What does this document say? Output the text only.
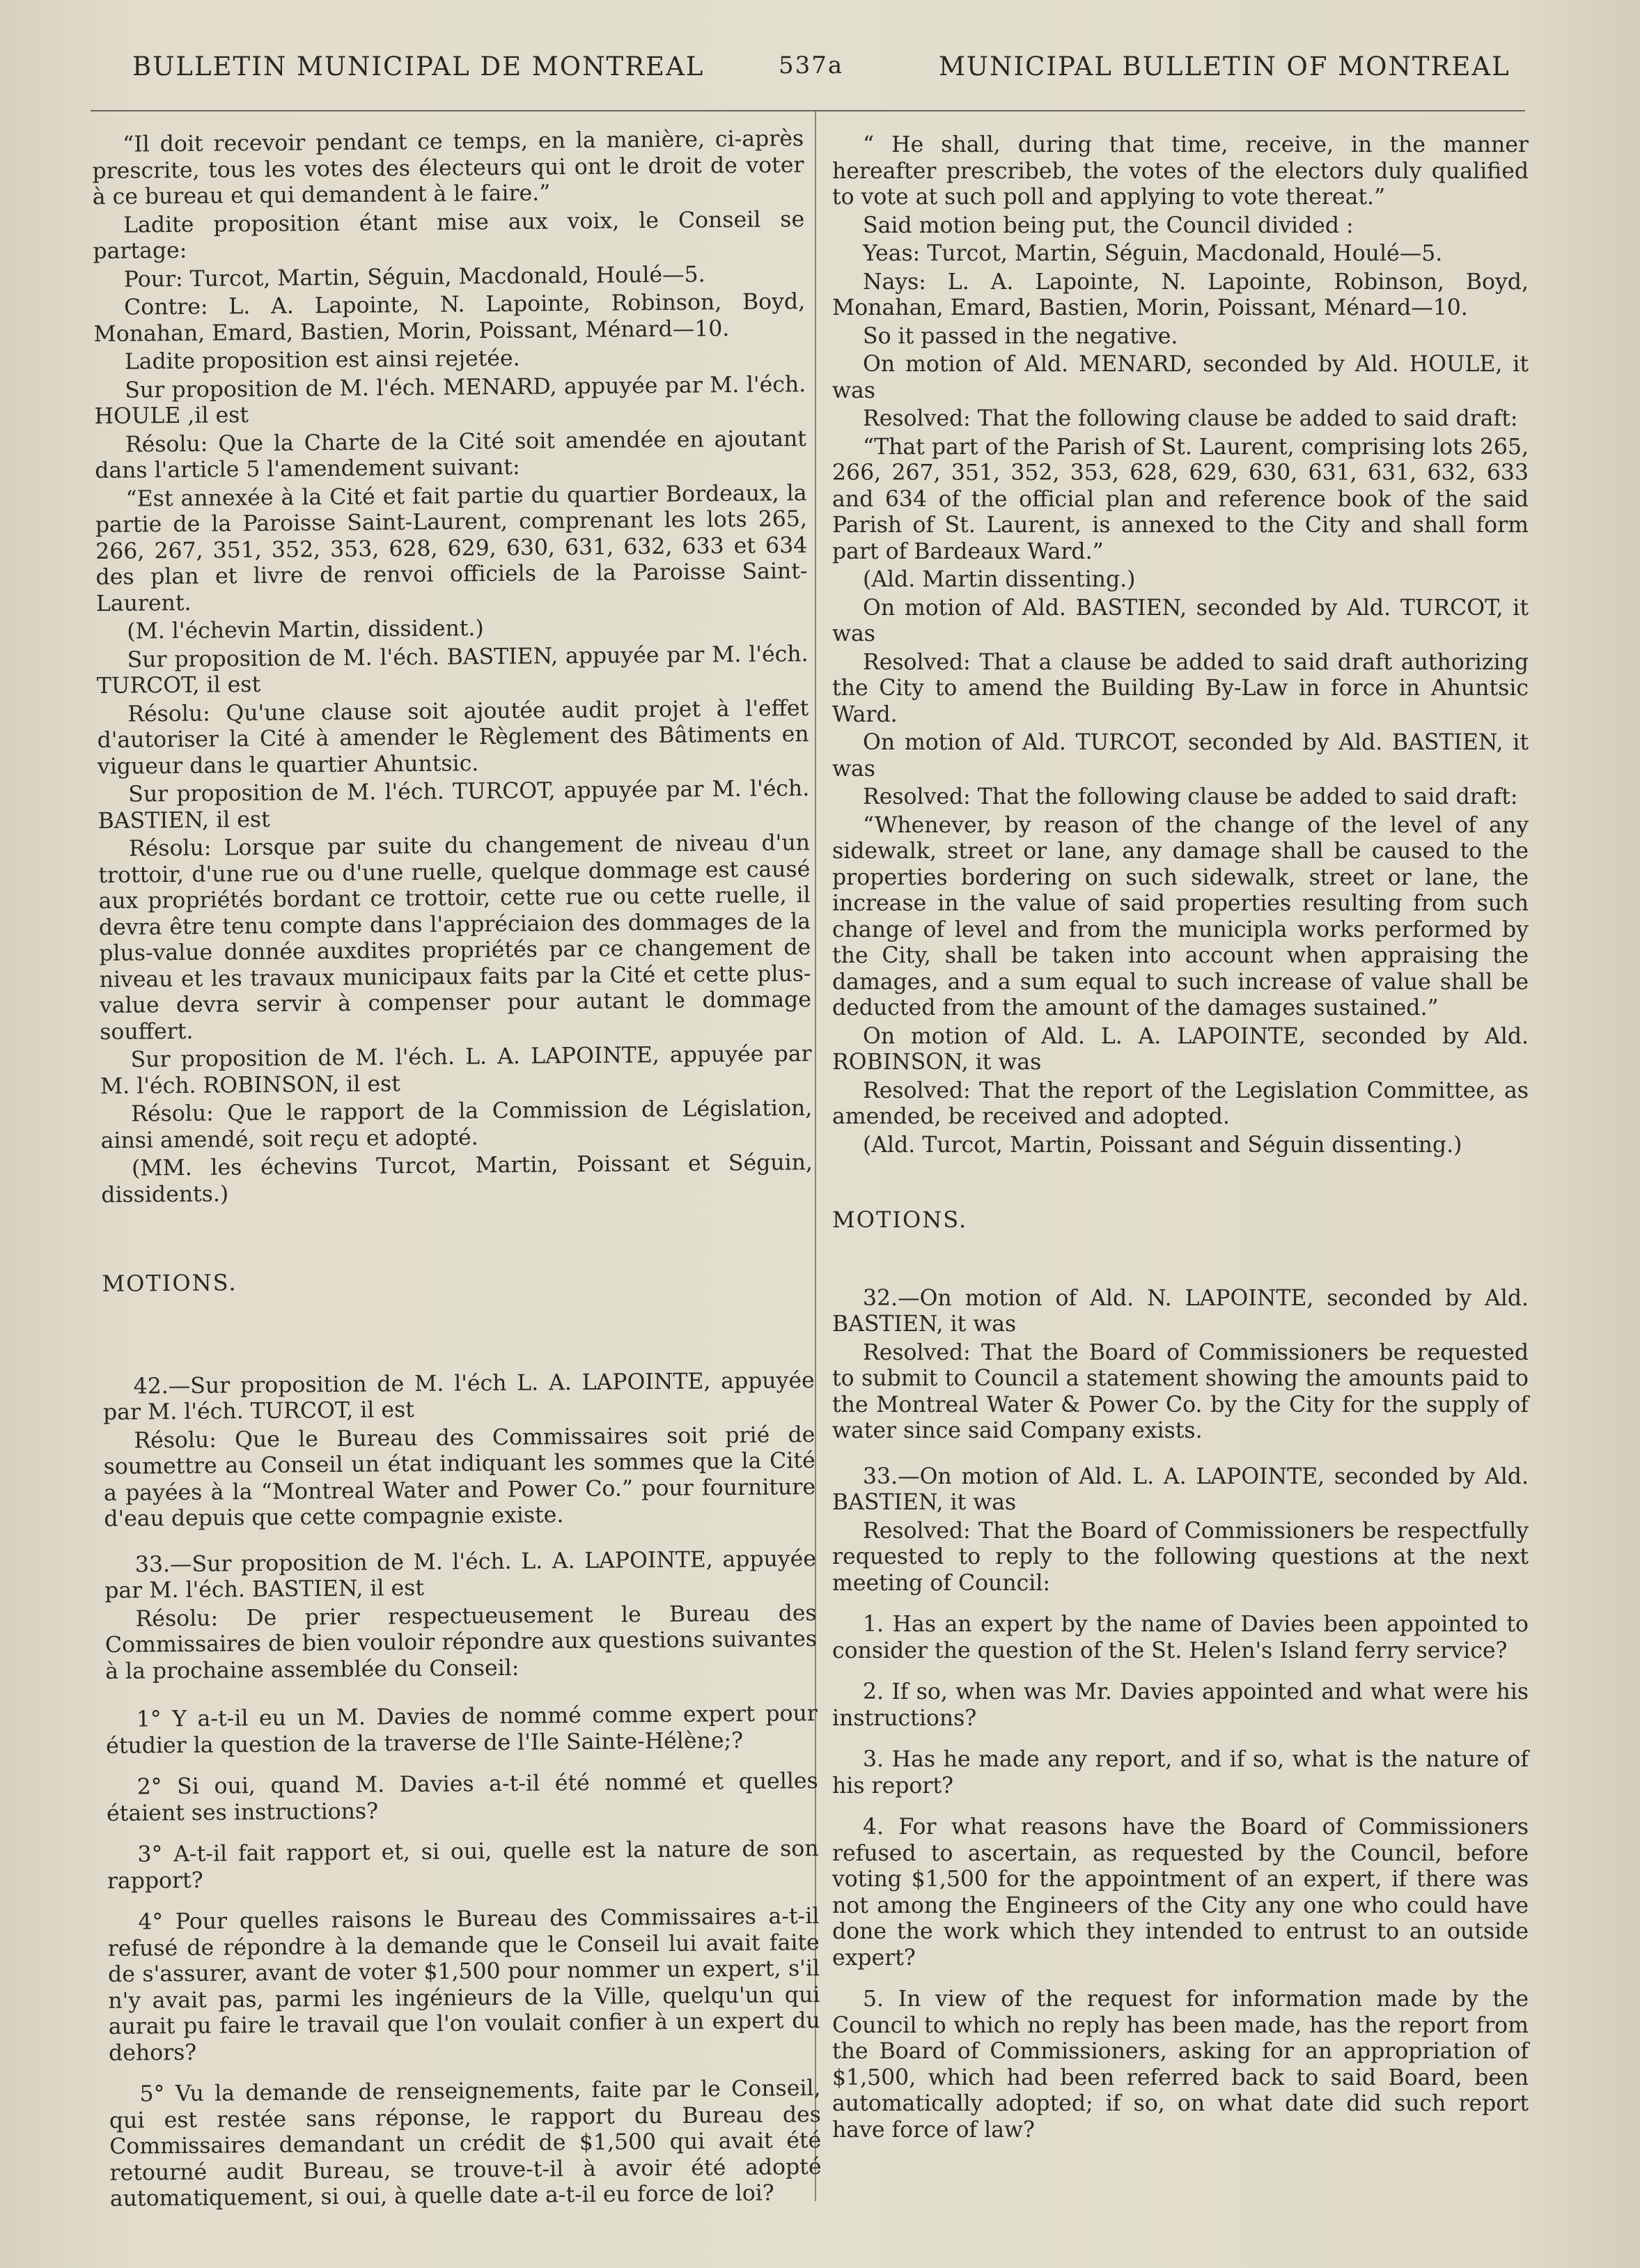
BULLETIN MUNICIPAL DE MONTREAL	537a	MUNICIPAL BULLETIN OF MONTREAL

“Il doit recevoir pendant ce temps, en la manière, ci-après prescrite, tous les votes des électeurs qui ont le droit de voter à ce bureau et qui demandent à le faire.”

Ladite proposition étant mise aux voix, le Conseil se partage:

Pour: Turcot, Martin, Séguin, Macdonald, Houlé—5.

Contre: L. A. Lapointe, N. Lapointe, Robinson, Boyd, Monahan, Emard, Bastien, Morin, Poissant, Ménard—10.

Ladite proposition est ainsi rejetée.

Sur proposition de M. l'éch. MENARD, appuyée par M. l'éch. HOULE ,il est

Résolu: Que la Charte de la Cité soit amendée en ajoutant dans l'article 5 l'amendement suivant:

“Est annexée à la Cité et fait partie du quartier Bordeaux, la partie de la Paroisse Saint-Laurent, comprenant les lots 265, 266, 267, 351, 352, 353, 628, 629, 630, 631, 632, 633 et 634 des plan et livre de renvoi officiels de la Paroisse Saint-Laurent.

(M. l'échevin Martin, dissident.)

Sur proposition de M. l'éch. BASTIEN, appuyée par M. l'éch. TURCOT, il est

Résolu: Qu'une clause soit ajoutée audit projet à l'effet d'autoriser la Cité à amender le Règlement des Bâtiments en vigueur dans le quartier Ahuntsic.

Sur proposition de M. l'éch. TURCOT, appuyée par M. l'éch. BASTIEN, il est

Résolu: Lorsque par suite du changement de niveau d'un trottoir, d'une rue ou d'une ruelle, quelque dommage est causé aux propriétés bordant ce trottoir, cette rue ou cette ruelle, il devra être tenu compte dans l'appréciaion des dommages de la plus-value donnée auxdites propriétés par ce changement de niveau et les travaux municipaux faits par la Cité et cette plus-value devra servir à compenser pour autant le dommage souffert.

Sur proposition de M. l'éch. L. A. LAPOINTE, appuyée par M. l'éch. ROBINSON, il est

Résolu: Que le rapport de la Commission de Législation, ainsi amendé, soit reçu et adopté.

(MM. les échevins Turcot, Martin, Poissant et Séguin, dissidents.)

MOTIONS.

42.—Sur proposition de M. l'éch L. A. LAPOINTE, appuyée par M. l'éch. TURCOT, il est

Résolu: Que le Bureau des Commissaires soit prié de soumettre au Conseil un état indiquant les sommes que la Cité a payées à la “Montreal Water and Power Co.” pour fourniture d'eau depuis que cette compagnie existe.

33.—Sur proposition de M. l'éch. L. A. LAPOINTE, appuyée par M. l'éch. BASTIEN, il est

Résolu: De prier respectueusement le Bureau des Commissaires de bien vouloir répondre aux questions suivantes à la prochaine assemblée du Conseil:

1° Y a-t-il eu un M. Davies de nommé comme expert pour étudier la question de la traverse de l'Ile Sainte-Hélène;?

2° Si oui, quand M. Davies a-t-il été nommé et quelles étaient ses instructions?

3° A-t-il fait rapport et, si oui, quelle est la nature de son rapport?

4° Pour quelles raisons le Bureau des Commissaires a-t-il refusé de répondre à la demande que le Conseil lui avait faite de s'assurer, avant de voter $1,500 pour nommer un expert, s'il n'y avait pas, parmi les ingénieurs de la Ville, quelqu'un qui aurait pu faire le travail que l'on voulait confier à un expert du dehors?

5° Vu la demande de renseignements, faite par le Conseil, qui est restée sans réponse, le rapport du Bureau des Commissaires demandant un crédit de $1,500 qui avait été retourné audit Bureau, se trouve-t-il à avoir été adopté automatiquement, si oui, à quelle date a-t-il eu force de loi?

“ He shall, during that time, receive, in the manner hereafter prescribeb, the votes of the electors duly qualified to vote at such poll and applying to vote thereat.”

Said motion being put, the Council divided :

Yeas: Turcot, Martin, Séguin, Macdonald, Houlé—5.

Nays: L. A. Lapointe, N. Lapointe, Robinson, Boyd, Monahan, Emard, Bastien, Morin, Poissant, Ménard—10.

So it passed in the negative.

On motion of Ald. MENARD, seconded by Ald. HOULE, it was

Resolved: That the following clause be added to said draft:

“That part of the Parish of St. Laurent, comprising lots 265, 266, 267, 351, 352, 353, 628, 629, 630, 631, 631, 632, 633 and 634 of the official plan and reference book of the said Parish of St. Laurent, is annexed to the City and shall form part of Bardeaux Ward.”

(Ald. Martin dissenting.)

On motion of Ald. BASTIEN, seconded by Ald. TURCOT, it was

Resolved: That a clause be added to said draft authorizing the City to amend the Building By-Law in force in Ahuntsic Ward.

On motion of Ald. TURCOT, seconded by Ald. BASTIEN, it was

Resolved: That the following clause be added to said draft:

“Whenever, by reason of the change of the level of any sidewalk, street or lane, any damage shall be caused to the properties bordering on such sidewalk, street or lane, the increase in the value of said properties resulting from such change of level and from the municipla works performed by the City, shall be taken into account when appraising the damages, and a sum equal to such increase of value shall be deducted from the amount of the damages sustained.”

On motion of Ald. L. A. LAPOINTE, seconded by Ald. ROBINSON, it was

Resolved: That the report of the Legislation Committee, as amended, be received and adopted.

(Ald. Turcot, Martin, Poissant and Séguin dissenting.)

MOTIONS.

32.—On motion of Ald. N. LAPOINTE, seconded by Ald. BASTIEN, it was

Resolved: That the Board of Commissioners be requested to submit to Council a statement showing the amounts paid to the Montreal Water & Power Co. by the City for the supply of water since said Company exists.

33.—On motion of Ald. L. A. LAPOINTE, seconded by Ald. BASTIEN, it was

Resolved: That the Board of Commissioners be respectfully requested to reply to the following questions at the next meeting of Council:

1. Has an expert by the name of Davies been appointed to consider the question of the St. Helen's Island ferry service?

2. If so, when was Mr. Davies appointed and what were his instructions?

3. Has he made any report, and if so, what is the nature of his report?

4. For what reasons have the Board of Commissioners refused to ascertain, as requested by the Council, before voting $1,500 for the appointment of an expert, if there was not among the Engineers of the City any one who could have done the work which they intended to entrust to an outside expert?

5. In view of the request for information made by the Council to which no reply has been made, has the report from the Board of Commissioners, asking for an appropriation of $1,500, which had been referred back to said Board, been automatically adopted; if so, on what date did such report have force of law?
